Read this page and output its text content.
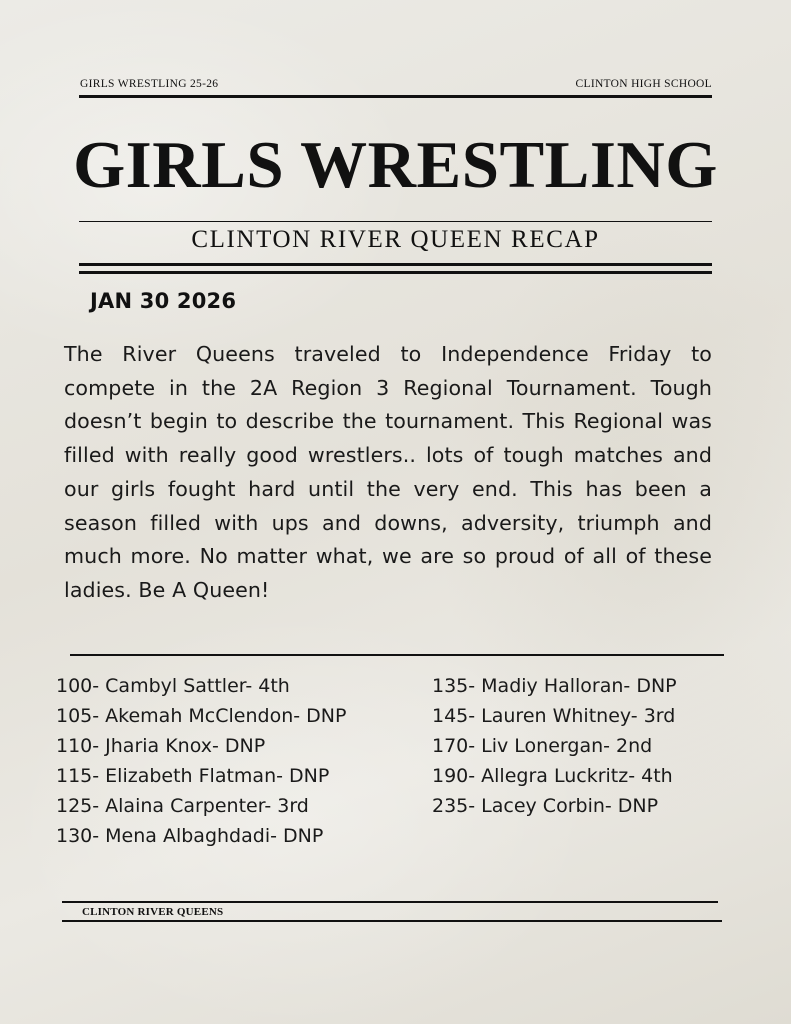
GIRLS WRESTLING 25-26	CLINTON HIGH SCHOOL
GIRLS WRESTLING
CLINTON RIVER QUEEN RECAP
JAN 30 2026
The River Queens traveled to Independence Friday to compete in the 2A Region 3 Regional Tournament. Tough doesn’t begin to describe the tournament. This Regional was filled with really good wrestlers.. lots of tough matches and our girls fought hard until the very end. This has been a season filled with ups and downs, adversity, triumph and much more. No matter what, we are so proud of all of these ladies. Be A Queen!
100- Cambyl Sattler- 4th
105- Akemah McClendon- DNP
110- Jharia Knox- DNP
115- Elizabeth Flatman- DNP
125- Alaina Carpenter- 3rd
130- Mena Albaghdadi- DNP
135- Madiy Halloran- DNP
145- Lauren Whitney- 3rd
170- Liv Lonergan- 2nd
190- Allegra Luckritz- 4th
235- Lacey Corbin- DNP
CLINTON RIVER QUEENS
